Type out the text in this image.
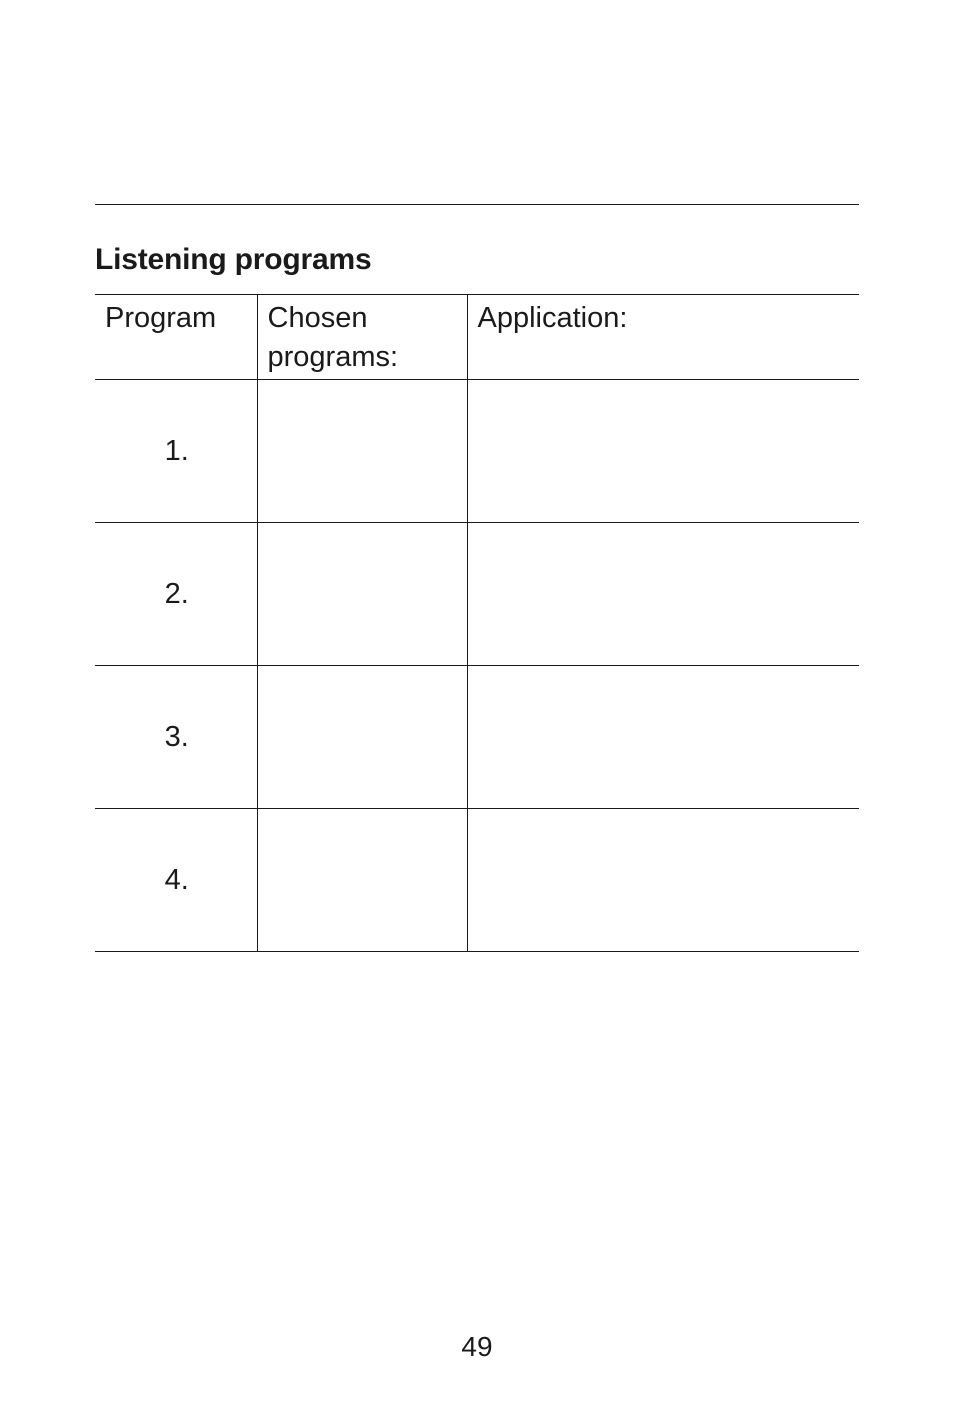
Listening programs
Program	Chosen programs:	Application:
1.		
2.		
3.		
4.		
49
